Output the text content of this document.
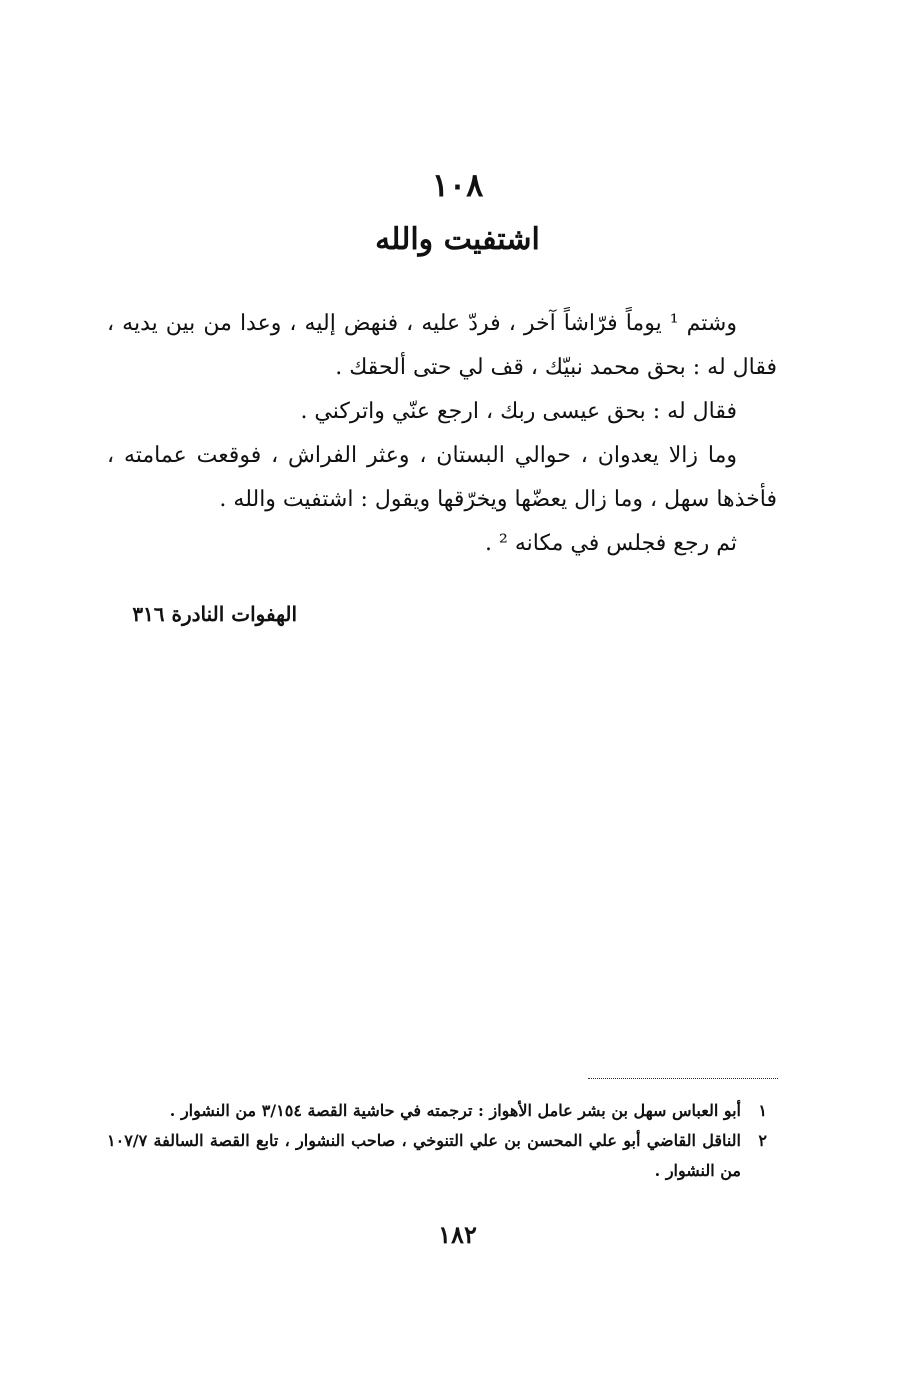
١٠٨
اشتفيت والله

وشتم ¹ يوماً فرّاشاً آخر ، فردّ عليه ، فنهض إليه ، وعدا من بين يديه ، فقال له : بحق محمد نبيّك ، قف لي حتى ألحقك .

فقال له : بحق عيسى ربك ، ارجع عنّي واتركني .

وما زالا يعدوان ، حوالي البستان ، وعثر الفراش ، فوقعت عمامته ، فأخذها سهل ، وما زال يعضّها ويخرّقها ويقول : اشتفيت والله .

ثم رجع فجلس في مكانه ² .

الهفوات النادرة ٣١٦
١
أبو العباس سهل بن بشر عامل الأهواز : ترجمته في حاشية القصة ٣/١٥٤ من النشوار .
٢
الناقل القاضي أبو علي المحسن بن علي التنوخي ، صاحب النشوار ، تابع القصة السالفة ١٠٧/٧ من النشوار .
١٨٢
